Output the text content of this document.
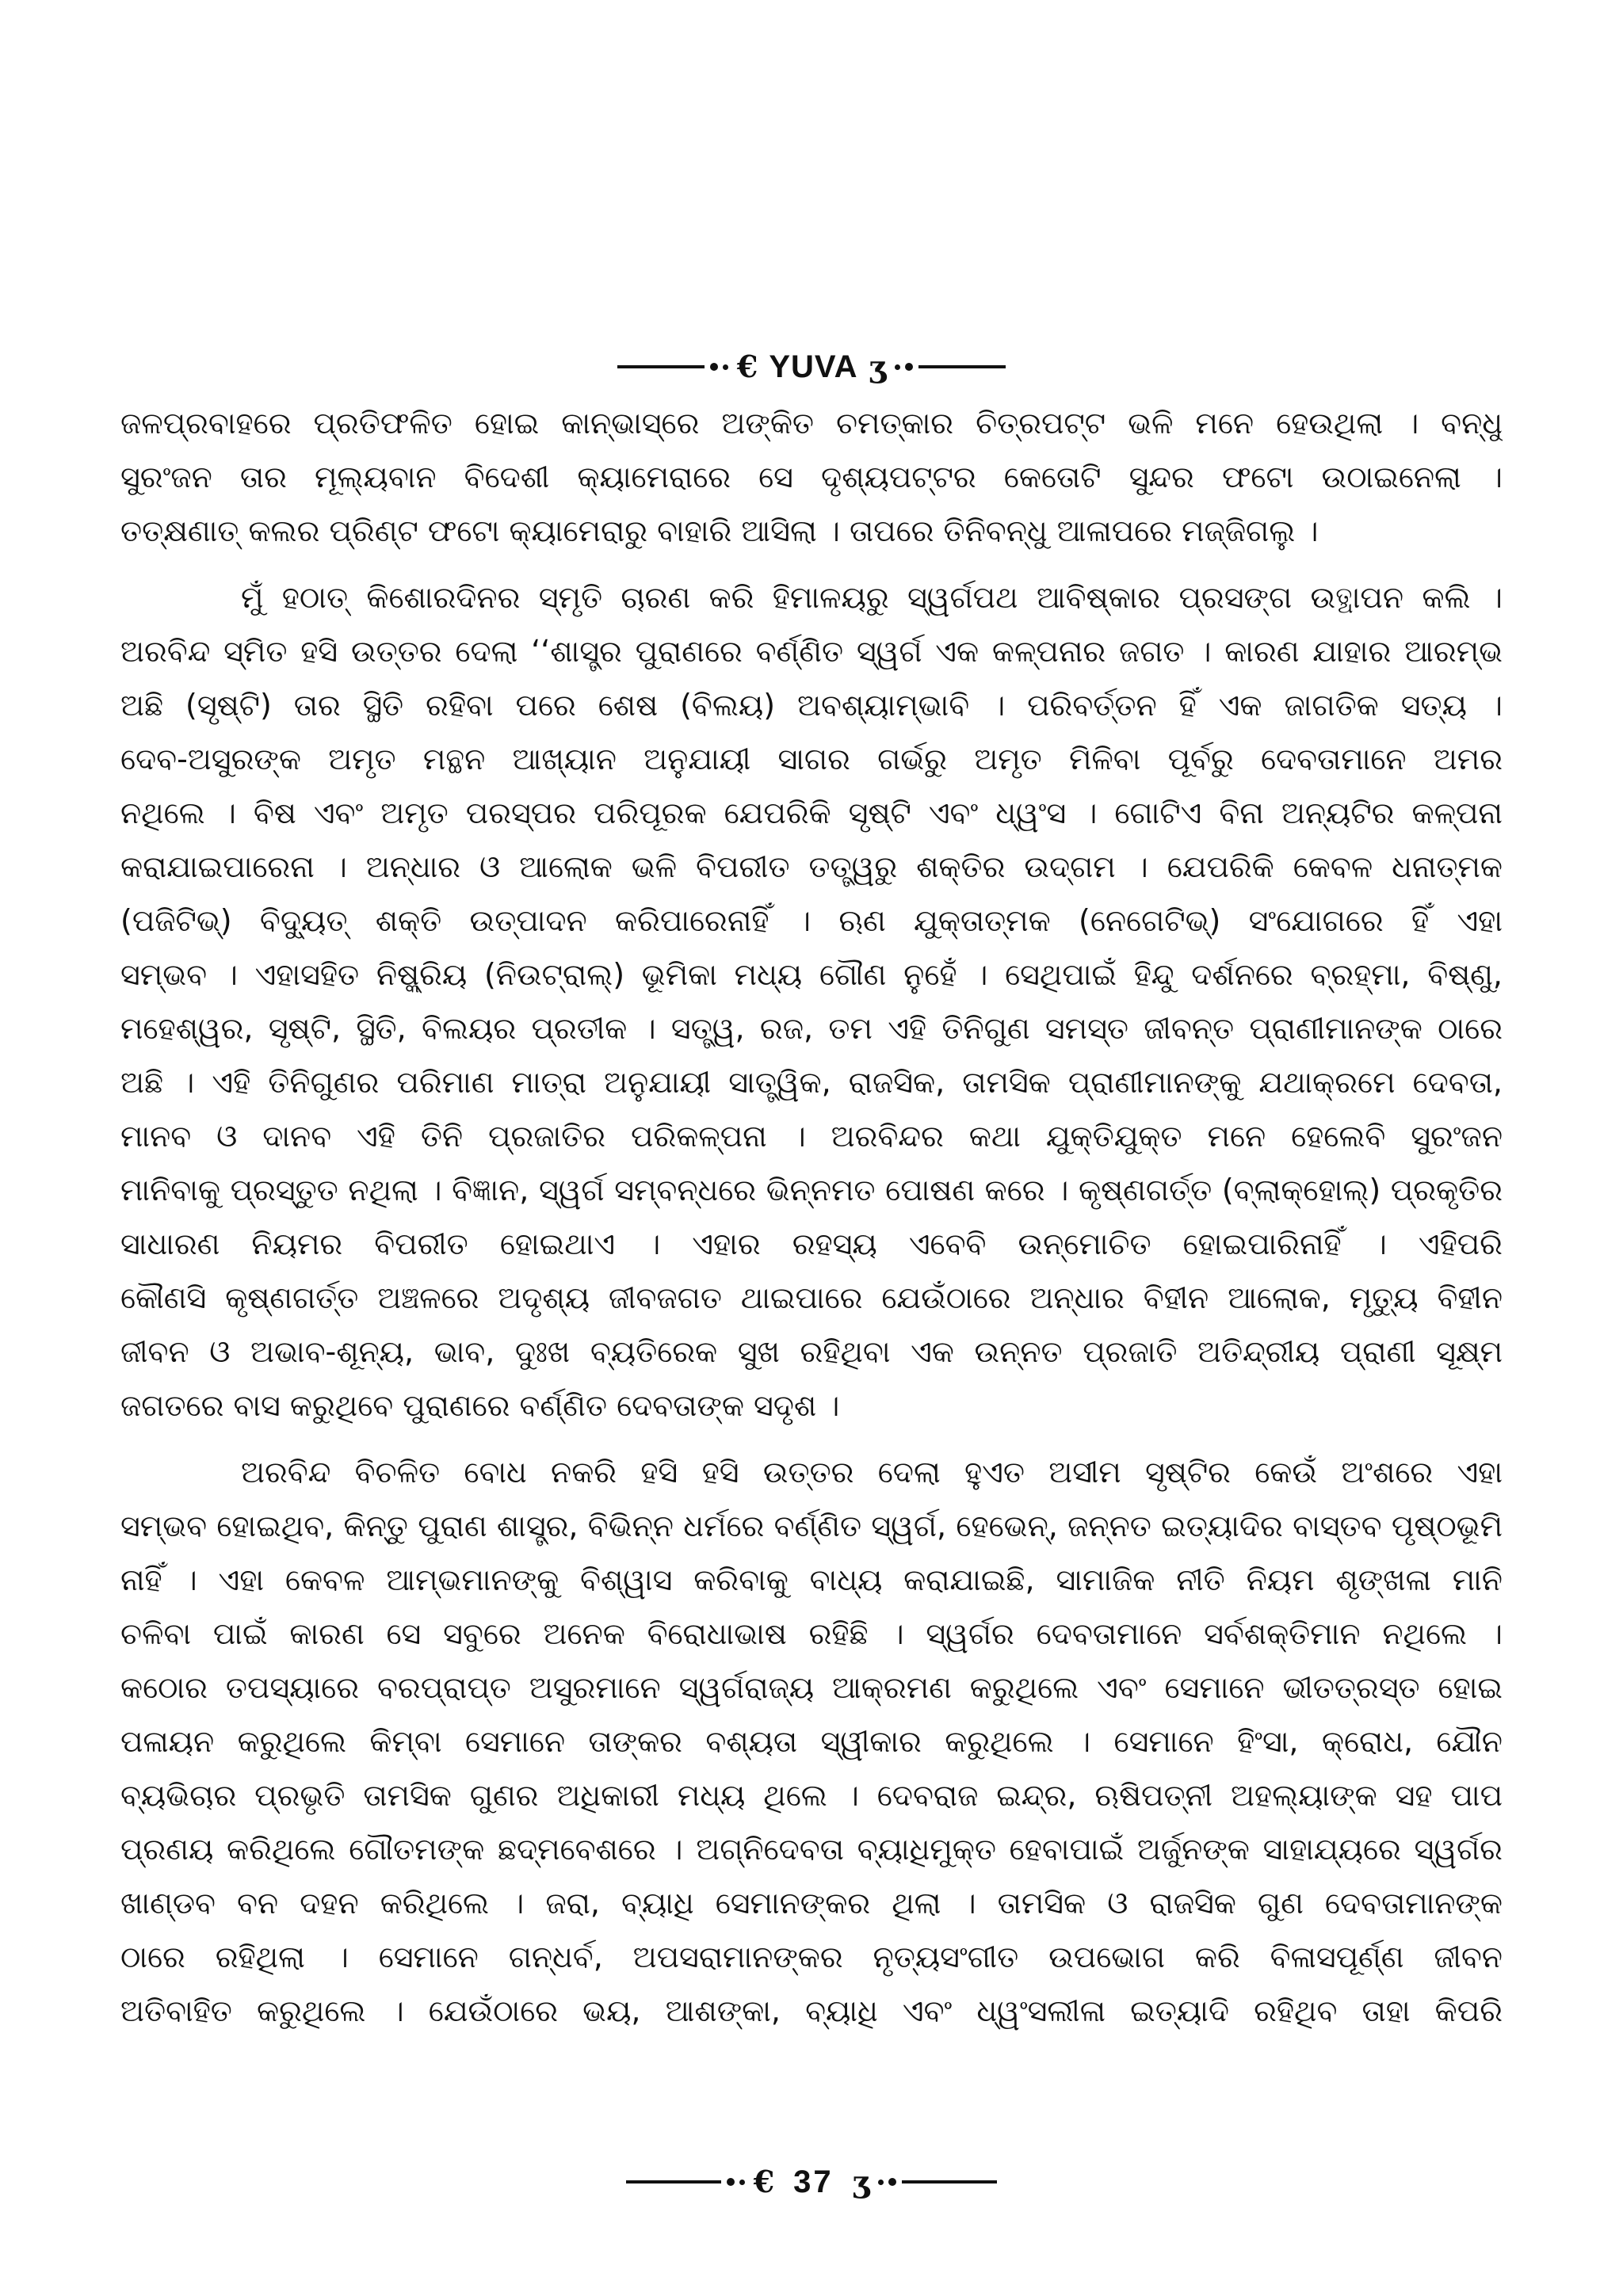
€ YUVA ʒ
ଜଳପ୍ରବାହରେ ପ୍ରତିଫଳିତ ହୋଇ କାନ୍‌ଭାସ୍‌ରେ ଅଙ୍କିତ ଚମତ୍କାର ଚିତ୍ରପଟ୍ଟ ଭଳି ମନେ ହେଉଥିଲା । ବନ୍ଧୁ
ସୁରଂଜନ ତାର ମୂଲ୍ୟବାନ ବିଦେଶୀ କ୍ୟାମେରାରେ ସେ ଦୃଶ୍ୟପଟ୍ଟର କେତୋଟି ସୁନ୍ଦର ଫଟୋ ଉଠାଇନେଲା ।
ତତ୍‌କ୍ଷଣାତ୍ କଲର ପ୍ରିଣ୍ଟ ଫଟୋ କ୍ୟାମେରାରୁ ବାହାରି ଆସିଲା । ତାପରେ ତିନିବନ୍ଧୁ ଆଳାପରେ ମଜ୍ଜିଗଲୁ ।
ମୁଁ ହଠାତ୍ କିଶୋରଦିନର ସ୍ମୃତି ଚାରଣ କରି ହିମାଳୟରୁ ସ୍ୱର୍ଗପଥ ଆବିଷ୍କାର ପ୍ରସଙ୍ଗ ଉତ୍ଥାପନ କଲି ।
ଅରବିନ୍ଦ ସ୍ମିତ ହସି ଉତ୍ତର ଦେଲା ‘‘ଶାସ୍ତ୍ର ପୁରାଣରେ ବର୍ଣ୍ଣିତ ସ୍ୱର୍ଗ ଏକ କଳ୍ପନାର ଜଗତ । କାରଣ ଯାହାର ଆରମ୍ଭ
ଅଛି (ସୃଷ୍ଟି) ତାର ସ୍ଥିତି ରହିବା ପରେ ଶେଷ (ବିଲୟ) ଅବଶ୍ୟାମ୍ଭାବି । ପରିବର୍ତ୍ତନ ହିଁ ଏକ ଜାଗତିକ ସତ୍ୟ ।
ଦେବ-ଅସୁରଙ୍କ ଅମୃତ ମନ୍ଥନ ଆଖ୍ୟାନ ଅନୁଯାୟୀ ସାଗର ଗର୍ଭରୁ ଅମୃତ ମିଳିବା ପୂର୍ବରୁ ଦେବତାମାନେ ଅମର
ନଥିଲେ । ବିଷ ଏବଂ ଅମୃତ ପରସ୍ପର ପରିପୂରକ ଯେପରିକି ସୃଷ୍ଟି ଏବଂ ଧ୍ୱଂସ । ଗୋଟିଏ ବିନା ଅନ୍ୟଟିର କଳ୍ପନା
କରାଯାଇପାରେନା । ଅନ୍ଧାର ଓ ଆଲୋକ ଭଳି ବିପରୀତ ତତ୍ତ୍ୱରୁ ଶକ୍ତିର ଉଦ୍‌ଗମ । ଯେପରିକି କେବଳ ଧନାତ୍ମକ
(ପଜିଟିଭ୍) ବିଦ୍ୟୁତ୍ ଶକ୍ତି ଉତ୍ପାଦନ କରିପାରେନାହିଁ । ଋଣ ଯୁକ୍ତାତ୍ମକ (ନେଗେଟିଭ୍) ସଂଯୋଗରେ ହିଁ ଏହା
ସମ୍ଭବ । ଏହାସହିତ ନିଷ୍କ୍ରିୟ (ନିଉଟ୍ରାଲ୍) ଭୂମିକା ମଧ୍ୟ ଗୌଣ ନୁହେଁ । ସେଥିପାଇଁ ହିନ୍ଦୁ ଦର୍ଶନରେ ବ୍ରହ୍ମା, ବିଷ୍ଣୁ,
ମହେଶ୍ୱର, ସୃଷ୍ଟି, ସ୍ଥିତି, ବିଲୟର ପ୍ରତୀକ । ସତ୍ତ୍ୱ, ରଜ, ତମ ଏହି ତିନିଗୁଣ ସମସ୍ତ ଜୀବନ୍ତ ପ୍ରାଣୀମାନଙ୍କ ଠାରେ
ଅଛି । ଏହି ତିନିଗୁଣର ପରିମାଣ ମାତ୍ରା ଅନୁଯାୟୀ ସାତ୍ତ୍ୱିକ, ରାଜସିକ, ତାମସିକ ପ୍ରାଣୀମାନଙ୍କୁ ଯଥାକ୍ରମେ ଦେବତା,
ମାନବ ଓ ଦାନବ ଏହି ତିନି ପ୍ରଜାତିର ପରିକଳ୍ପନା । ଅରବିନ୍ଦର କଥା ଯୁକ୍ତିଯୁକ୍ତ ମନେ ହେଲେବି ସୁରଂଜନ
ମାନିବାକୁ ପ୍ରସ୍ତୁତ ନଥିଲା । ବିଜ୍ଞାନ, ସ୍ୱର୍ଗ ସମ୍ବନ୍ଧରେ ଭିନ୍ନମତ ପୋଷଣ କରେ । କୃଷ୍ଣଗର୍ତ୍ତ (ବ୍ଲାକ୍‌ହୋଲ୍) ପ୍ରକୃତିର
ସାଧାରଣ ନିୟମର ବିପରୀତ ହୋଇଥାଏ । ଏହାର ରହସ୍ୟ ଏବେବି ଉନ୍ମୋଚିତ ହୋଇପାରିନାହିଁ । ଏହିପରି
କୌଣସି କୃଷ୍ଣଗର୍ତ୍ତ ଅଞ୍ଚଳରେ ଅଦୃଶ୍ୟ ଜୀବଜଗତ ଥାଇପାରେ ଯେଉଁଠାରେ ଅନ୍ଧାର ବିହୀନ ଆଲୋକ, ମୃତ୍ୟୁ ବିହୀନ
ଜୀବନ ଓ ଅଭାବ-ଶୂନ୍ୟ, ଭାବ, ଦୁଃଖ ବ୍ୟତିରେକ ସୁଖ ରହିଥିବା ଏକ ଉନ୍ନତ ପ୍ରଜାତି ଅତିନ୍ଦ୍ରୀୟ ପ୍ରାଣୀ ସୂକ୍ଷ୍ମ
ଜଗତରେ ବାସ କରୁଥିବେ ପୁରାଣରେ ବର୍ଣ୍ଣିତ ଦେବତାଙ୍କ ସଦୃଶ ।
ଅରବିନ୍ଦ ବିଚଳିତ ବୋଧ ନକରି ହସି ହସି ଉତ୍ତର ଦେଲା ହୁଏତ ଅସୀମ ସୃଷ୍ଟିର କେଉଁ ଅଂଶରେ ଏହା
ସମ୍ଭବ ହୋଇଥିବ, କିନ୍ତୁ ପୁରାଣ ଶାସ୍ତ୍ର, ବିଭିନ୍ନ ଧର୍ମରେ ବର୍ଣ୍ଣିତ ସ୍ୱର୍ଗ, ହେଭେନ୍, ଜନ୍ନତ ଇତ୍ୟାଦିର ବାସ୍ତବ ପୃଷ୍ଠଭୂମି
ନାହିଁ । ଏହା କେବଳ ଆମ୍ଭମାନଙ୍କୁ ବିଶ୍ୱାସ କରିବାକୁ ବାଧ୍ୟ କରାଯାଇଛି, ସାମାଜିକ ନୀତି ନିୟମ ଶୃଙ୍ଖଳା ମାନି
ଚଳିବା ପାଇଁ କାରଣ ସେ ସବୁରେ ଅନେକ ବିରୋଧାଭାଷ ରହିଛି । ସ୍ୱର୍ଗର ଦେବତାମାନେ ସର୍ବଶକ୍ତିମାନ ନଥିଲେ ।
କଠୋର ତପସ୍ୟାରେ ବରପ୍ରାପ୍ତ ଅସୁରମାନେ ସ୍ୱର୍ଗରାଜ୍ୟ ଆକ୍ରମଣ କରୁଥିଲେ ଏବଂ ସେମାନେ ଭୀତତ୍ରସ୍ତ ହୋଇ
ପଳାୟନ କରୁଥିଲେ କିମ୍ବା ସେମାନେ ତାଙ୍କର ବଶ୍ୟତା ସ୍ୱୀକାର କରୁଥିଲେ । ସେମାନେ ହିଂସା, କ୍ରୋଧ, ଯୌନ
ବ୍ୟଭିଚାର ପ୍ରଭୃତି ତାମସିକ ଗୁଣର ଅଧିକାରୀ ମଧ୍ୟ ଥିଲେ । ଦେବରାଜ ଇନ୍ଦ୍ର, ଋଷିପତ୍ନୀ ଅହଲ୍ୟାଙ୍କ ସହ ପାପ
ପ୍ରଣୟ କରିଥିଲେ ଗୌତମଙ୍କ ଛଦ୍ମବେଶରେ । ଅଗ୍ନିଦେବତା ବ୍ୟାଧିମୁକ୍ତ ହେବାପାଇଁ ଅର୍ଜୁନଙ୍କ ସାହାଯ୍ୟରେ ସ୍ୱର୍ଗର
ଖାଣ୍ଡବ ବନ ଦହନ କରିଥିଲେ । ଜରା, ବ୍ୟାଧି ସେମାନଙ୍କର ଥିଲା । ତାମସିକ ଓ ରାଜସିକ ଗୁଣ ଦେବତାମାନଙ୍କ
ଠାରେ ରହିଥିଲା । ସେମାନେ ଗନ୍ଧର୍ବ, ଅପସରାମାନଙ୍କର ନୃତ୍ୟସଂଗୀତ ଉପଭୋଗ କରି ବିଳାସପୂର୍ଣ୍ଣ ଜୀବନ
ଅତିବାହିତ କରୁଥିଲେ । ଯେଉଁଠାରେ ଭୟ, ଆଶଙ୍କା, ବ୍ୟାଧି ଏବଂ ଧ୍ୱଂସଲୀଳା ଇତ୍ୟାଦି ରହିଥିବ ତାହା କିପରି
€ 37 ʒ
